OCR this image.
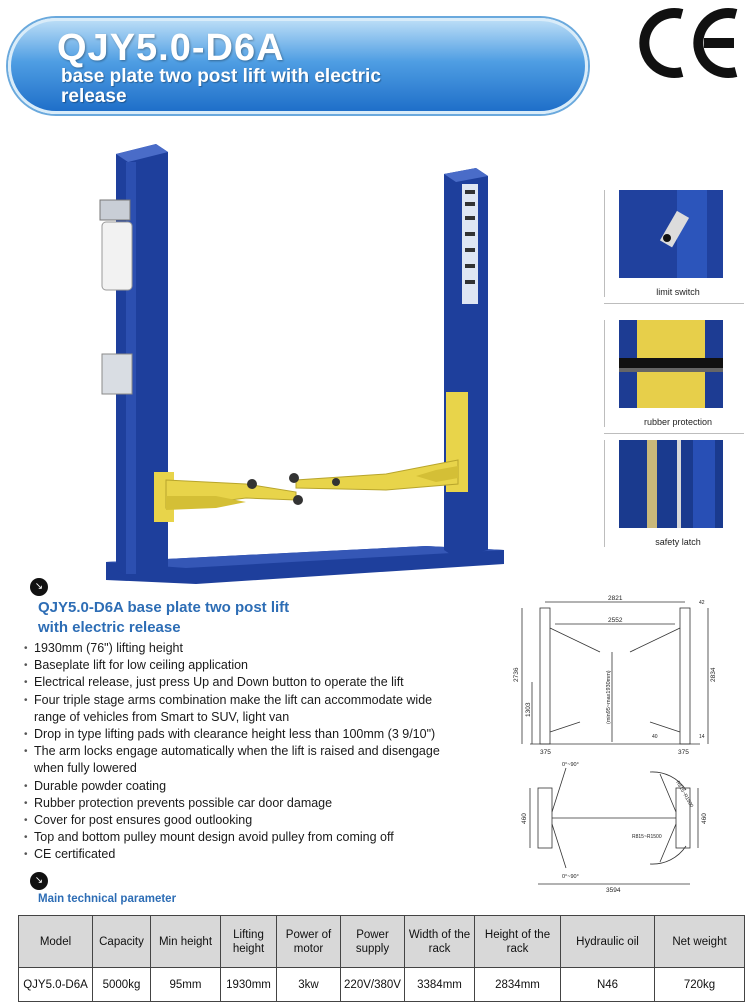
QJY5.0-D6A
base plate two post lift with electric release
limit switch
rubber protection
safety latch
↘
QJY5.0-D6A base plate two post lift
with electric release
• 1930mm (76") lifting height
• Baseplate lift for low ceiling application
• Electrical release, just press Up and Down button to operate the lift
• Four triple stage arms combination make the lift can accommodate wide range of vehicles from Smart to SUV, light van
• Drop in type lifting pads with clearance height less than 100mm (3 9/10")
• The arm locks engage automatically when the lift is raised and disengage when fully lowered
• Durable powder coating
• Rubber protection prevents possible car door damage
• Cover for post ensures good outlooking
• Top and bottom pulley mount design avoid pulley from coming off
• CE certificated
2821
2552
2834
2736
1303	(min95~max1930mm)
375	375
42
40	14
3594
460	460
0°~90°
0°~90°
R815~R1500
R815~R1500
↘
Main technical parameter
Model	Capacity	Min height	Lifting height	Power of motor	Power supply	Width of the rack	Height of the rack	Hydraulic oil	Net weight
QJY5.0-D6A	5000kg	95mm	1930mm	3kw	220V/380V	3384mm	2834mm	N46	720kg
